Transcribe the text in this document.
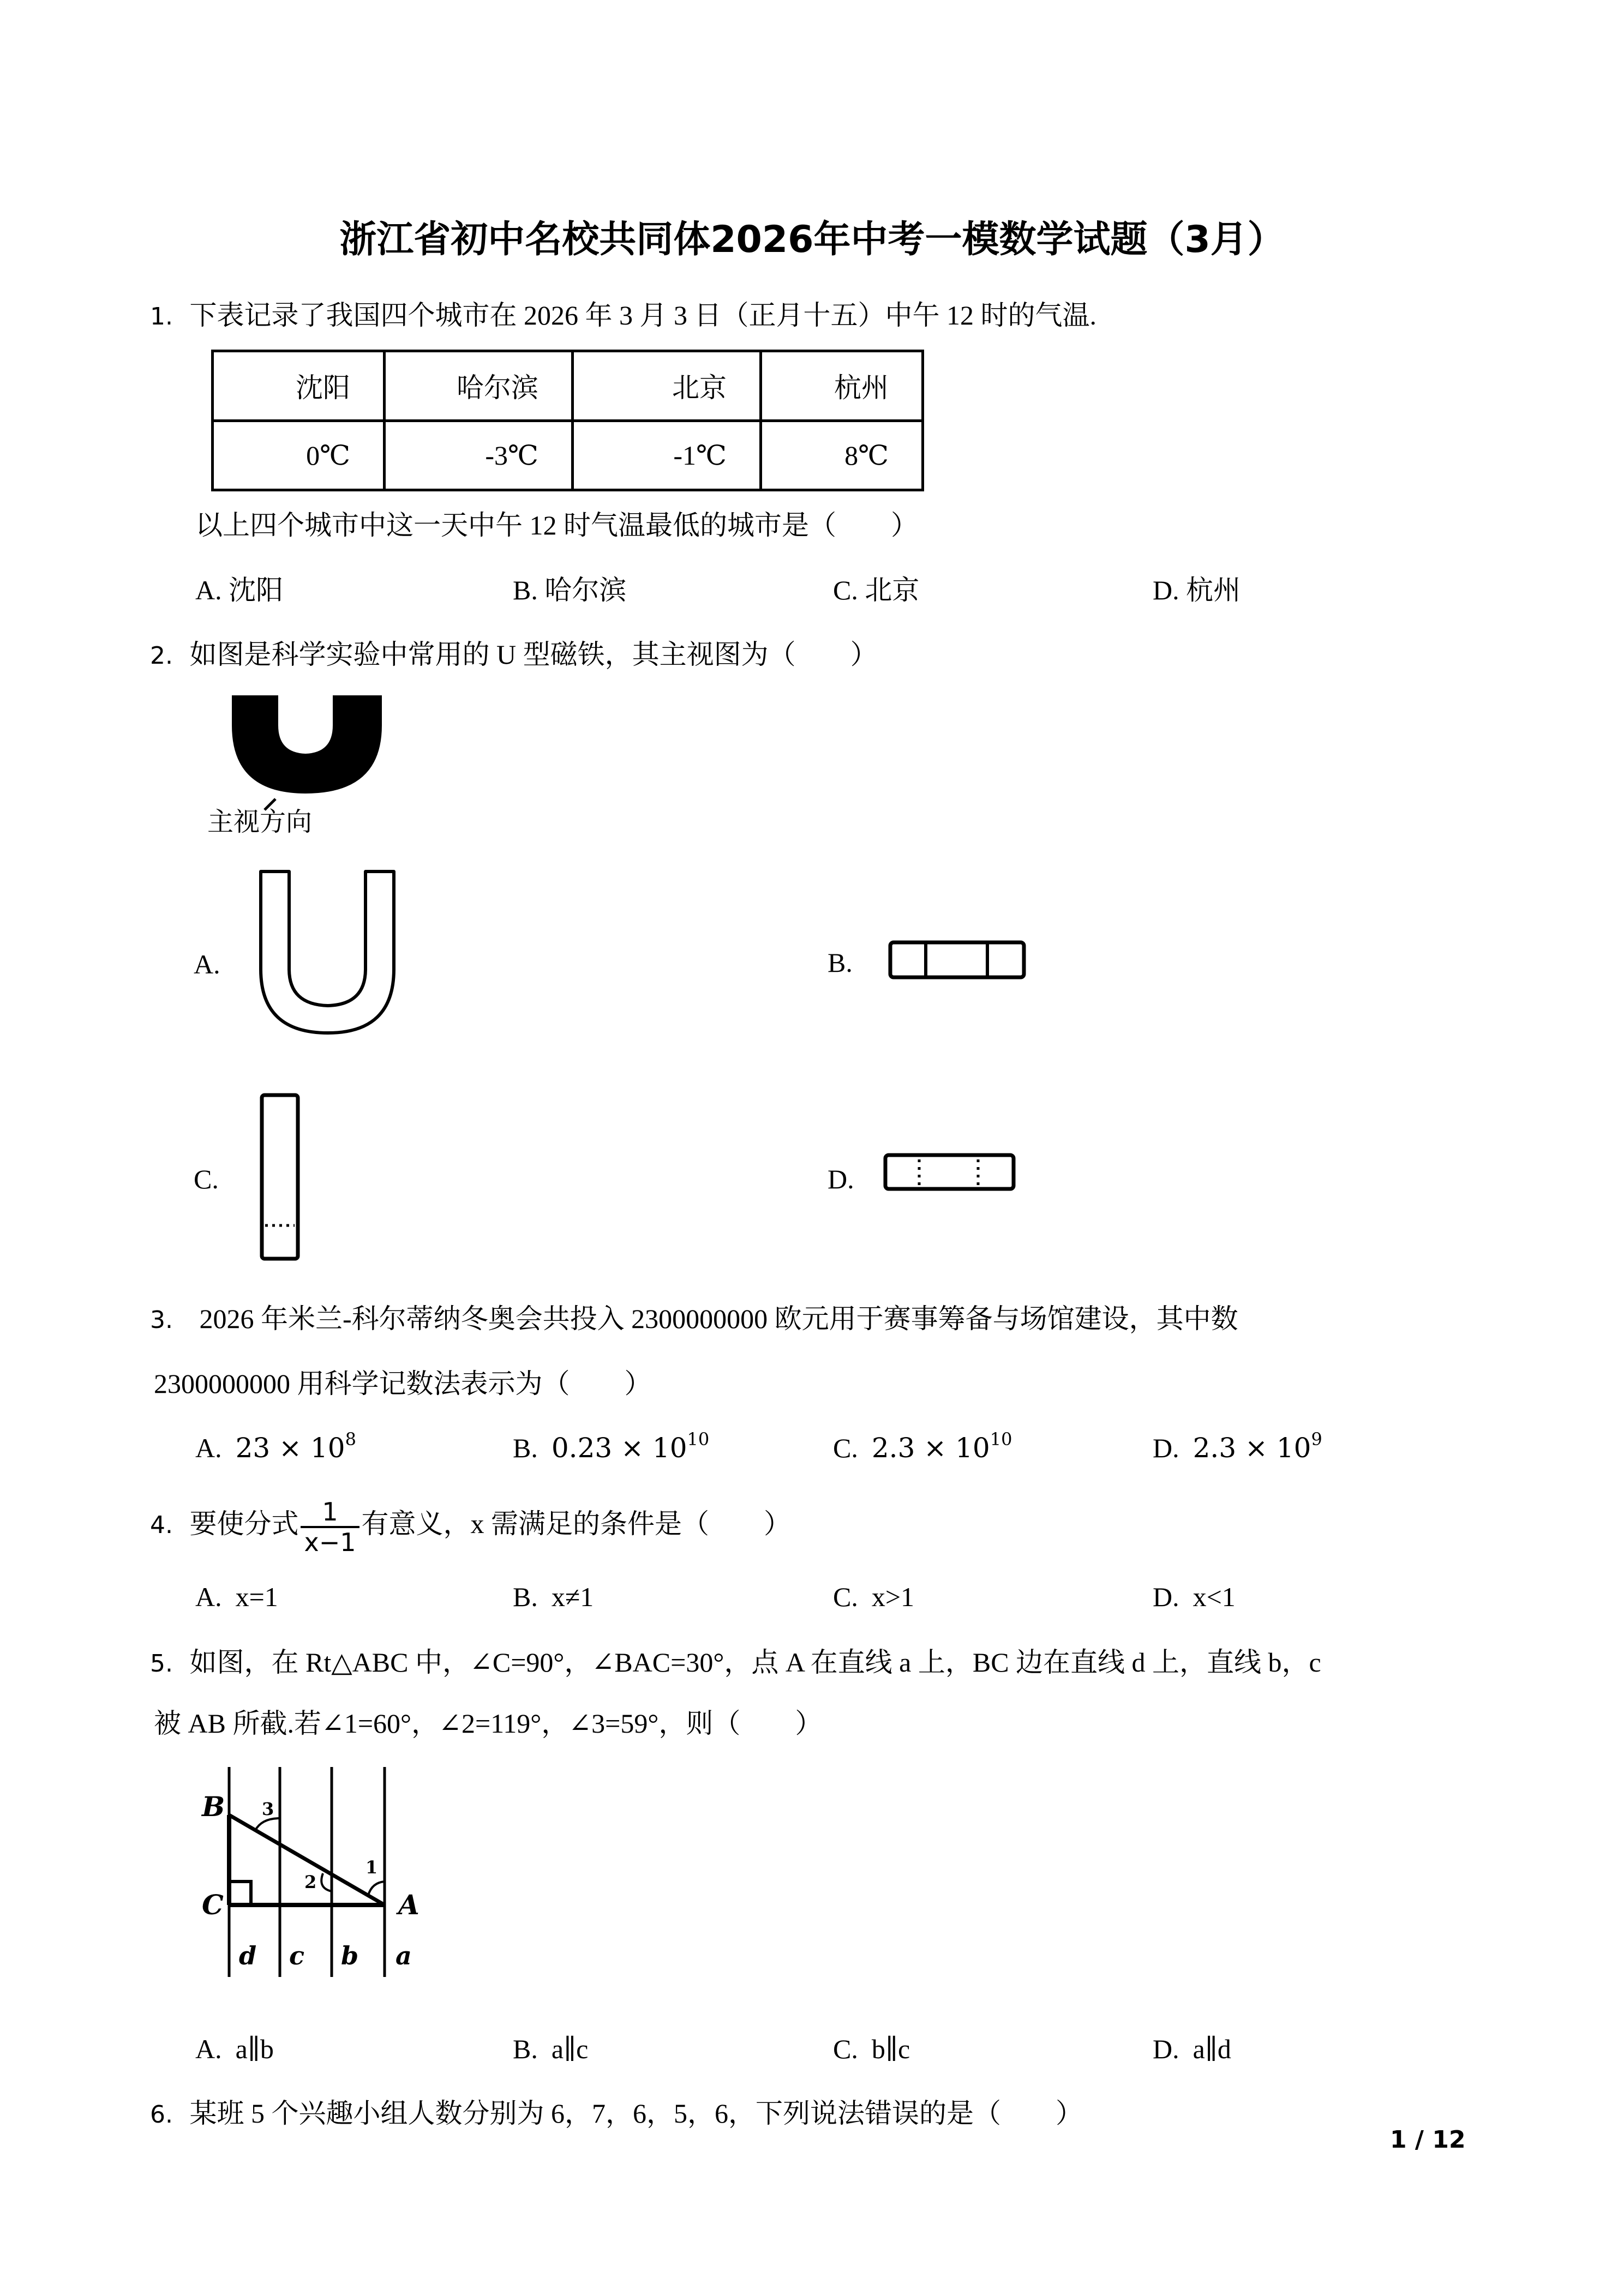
浙江省初中名校共同体2026年中考一模数学试题（3月）
1. 下表记录了我国四个城市在 2026 年 3 月 3 日（正月十五）中午 12 时的气温.
沈阳	哈尔滨	北京	杭州
0℃	-3℃	-1℃	8℃
以上四个城市中这一天中午 12 时气温最低的城市是（　　）
A. 沈阳	B. 哈尔滨	C. 北京	D. 杭州
2. 如图是科学实验中常用的 U 型磁铁，其主视图为（　　）
主视方向
A.	B.
C.	D.
3. 2026 年米兰-科尔蒂纳冬奥会共投入 2300000000 欧元用于赛事筹备与场馆建设，其中数
2300000000 用科学记数法表示为（　　）
A. $23 \times 10^8$	B. $0.23 \times 10^{10}$	C. $2.3 \times 10^{10}$	D. $2.3 \times 10^9$
4. 要使分式 $\frac{1}{x-1}$ 有意义，x 需满足的条件是（　　）
A. x=1	B. x≠1	C. x>1	D. x<1
5. 如图，在 Rt△ABC 中，∠C=90°，∠BAC=30°，点 A 在直线 a 上，BC 边在直线 d 上，直线 b，c
被 AB 所截.若∠1=60°，∠2=119°，∠3=59°，则（　　）
B
C	A
3
2
1
d c b a
A. a∥b	B. a∥c	C. b∥c	D. a∥d
6. 某班 5 个兴趣小组人数分别为 6，7，6，5，6，下列说法错误的是（　　）
1 / 12
